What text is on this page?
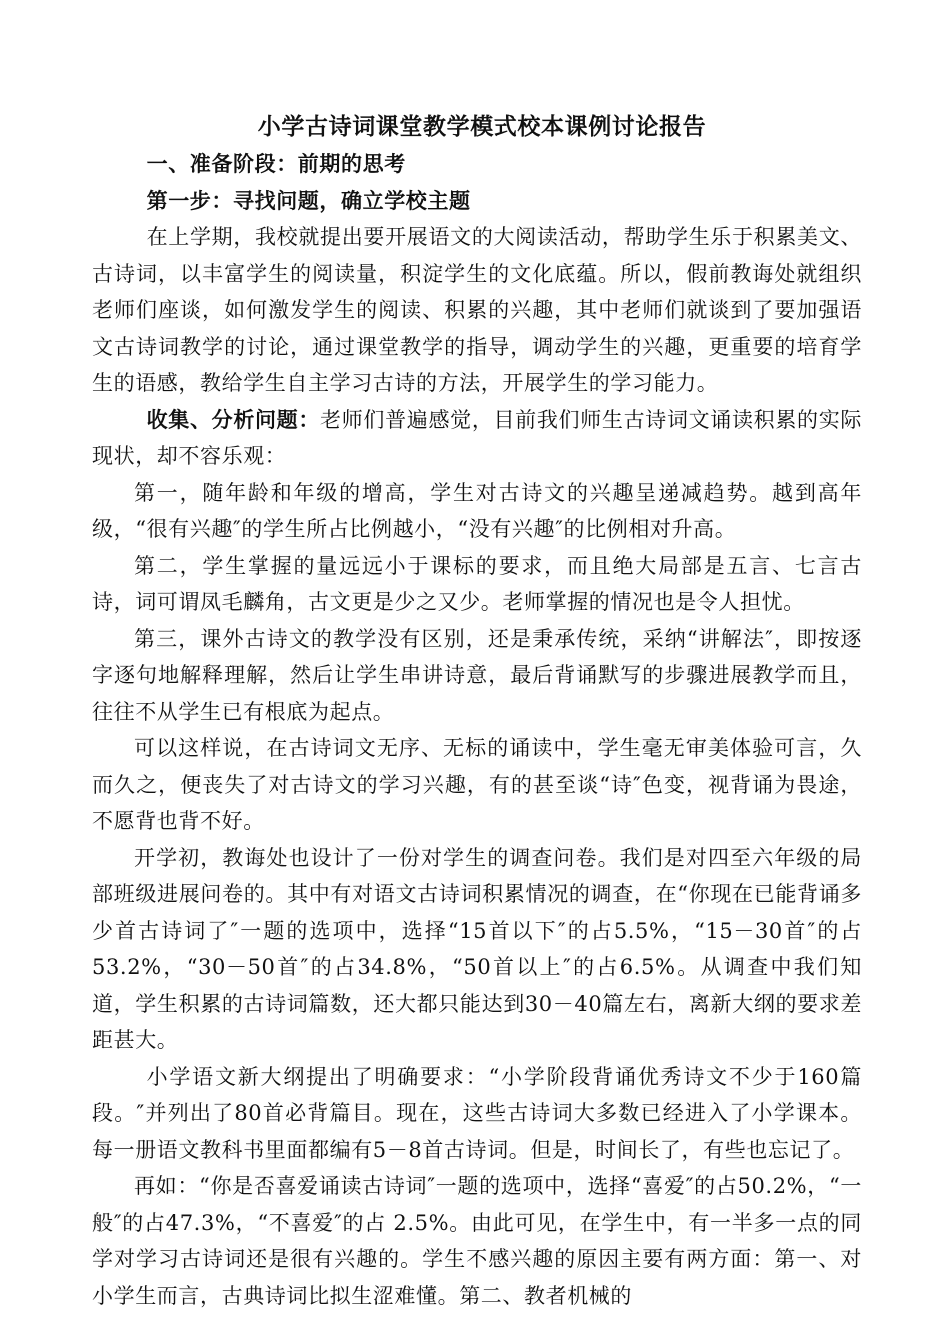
小学古诗词课堂教学模式校本课例讨论报告

一、准备阶段：前期的思考

第一步：寻找问题，确立学校主题

在上学期，我校就提出要开展语文的大阅读活动，帮助学生乐于积累美文、古诗词，以丰富学生的阅读量，积淀学生的文化底蕴。所以，假前教诲处就组织老师们座谈，如何激发学生的阅读、积累的兴趣，其中老师们就谈到了要加强语文古诗词教学的讨论，通过课堂教学的指导，调动学生的兴趣，更重要的培育学生的语感，教给学生自主学习古诗的方法，开展学生的学习能力。

收集、分析问题：老师们普遍感觉，目前我们师生古诗词文诵读积累的实际现状，却不容乐观：

第一，随年龄和年级的增高，学生对古诗文的兴趣呈递减趋势。越到高年级，“很有兴趣″的学生所占比例越小，“没有兴趣″的比例相对升高。

第二，学生掌握的量远远小于课标的要求，而且绝大局部是五言、七言古诗，词可谓凤毛麟角，古文更是少之又少。老师掌握的情况也是令人担忧。

第三，课外古诗文的教学没有区别，还是秉承传统，采纳“讲解法″，即按逐字逐句地解释理解，然后让学生串讲诗意，最后背诵默写的步骤进展教学而且，往往不从学生已有根底为起点。

可以这样说，在古诗词文无序、无标的诵读中，学生毫无审美体验可言，久而久之，便丧失了对古诗文的学习兴趣，有的甚至谈“诗″色变，视背诵为畏途，不愿背也背不好。

开学初，教诲处也设计了一份对学生的调查问卷。我们是对四至六年级的局部班级进展问卷的。其中有对语文古诗词积累情况的调查，在“你现在已能背诵多少首古诗词了″一题的选项中，选择“15首以下″的占5.5%，“15－30首″的占53.2%，“30－50首″的占34.8%，“50首以上″的占6.5%。从调查中我们知道，学生积累的古诗词篇数，还大都只能达到30－40篇左右，离新大纲的要求差距甚大。

小学语文新大纲提出了明确要求：“小学阶段背诵优秀诗文不少于160篇段。″并列出了80首必背篇目。现在，这些古诗词大多数已经进入了小学课本。每一册语文教科书里面都编有5－8首古诗词。但是，时间长了，有些也忘记了。

再如：“你是否喜爱诵读古诗词″一题的选项中，选择“喜爱″的占50.2%，“一般″的占47.3%，“不喜爱″的占 2.5%。由此可见，在学生中，有一半多一点的同学对学习古诗词还是很有兴趣的。学生不感兴趣的原因主要有两方面：第一、对小学生而言，古典诗词比拟生涩难懂。第二、教者机械的
